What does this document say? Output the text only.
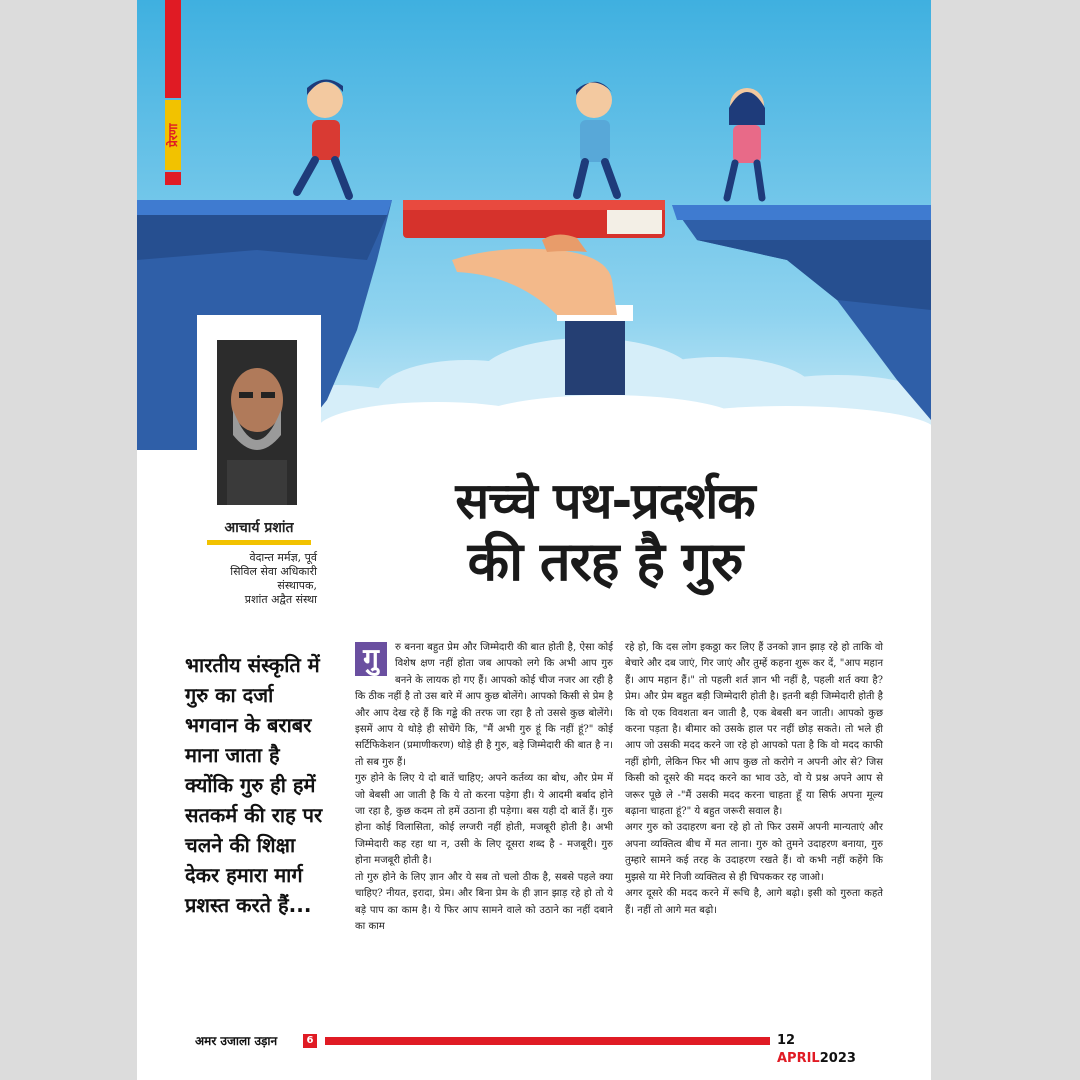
प्रेरणा
आचार्य प्रशांत
वेदान्त मर्मज्ञ, पूर्व
सिविल सेवा अधिकारी
संस्थापक,
प्रशांत अद्वैत संस्था
सच्चे पथ-प्रदर्शक
की तरह है गुरु
भारतीय संस्कृति में गुरु का दर्जा भगवान के बराबर माना जाता है क्योंकि गुरु ही हमें सतकर्म की राह पर चलने की शिक्षा देकर हमारा मार्ग प्रशस्त करते हैं...

गु	रु बनना बहुत प्रेम और जिम्मेदारी की बात होती है, ऐसा कोई विशेष क्षण नहीं होता जब आपको लगे कि अभी आप गुरु बनने के लायक हो गए हैं। आपको कोई चीज नजर आ रही है कि ठीक नहीं है तो उस बारे में आप कुछ बोलेंगे। आपको किसी से प्रेम है और आप देख रहे हैं कि गड्ढे की तरफ जा रहा है तो उससे कुछ बोलेंगे। इसमें आप ये थोड़े ही सोचेंगे कि, "मैं अभी गुरु हूं कि नहीं हूं?" कोई सर्टिफिकेशन (प्रमाणीकरण) थोड़े ही है गुरु, बड़े जिम्मेदारी की बात है न। तो सब गुरु हैं।

गुरु होने के लिए ये दो बातें चाहिए; अपने कर्तव्य का बोध, और प्रेम में जो बेबसी आ जाती है कि ये तो करना पड़ेगा ही। ये आदमी बर्बाद होने जा रहा है, कुछ कदम तो हमें उठाना ही पड़ेगा। बस यही दो बातें हैं। गुरु होना कोई विलासिता, कोई लग्जरी नहीं होती, मजबूरी होती है। अभी जिम्मेदारी कह रहा था न, उसी के लिए दूसरा शब्द है - मजबूरी। गुरु होना मजबूरी होती है।

तो गुरु होने के लिए ज्ञान और ये सब तो चलो ठीक है, सबसे पहले क्या चाहिए? नीयत, इरादा, प्रेम। और बिना प्रेम के ही ज्ञान झाड़ रहे हो तो ये बड़े पाप का काम है। ये फिर आप सामने वाले को उठाने का नहीं दबाने का काम

रहे हो, कि दस लोग इकठ्ठा कर लिए हैं उनको ज्ञान झाड़ रहे हो ताकि वो बेचारे और दब जाएं, गिर जाएं और तुम्हें कहना शुरू कर दें, "आप महान हैं। आप महान हैं।" तो पहली शर्त ज्ञान भी नहीं है, पहली शर्त क्या है? प्रेम। और प्रेम बहुत बड़ी जिम्मेदारी होती है। इतनी बड़ी जिम्मेदारी होती है कि वो एक विवशता बन जाती है, एक बेबसी बन जाती। आपको कुछ करना पड़ता है। बीमार को उसके हाल पर नहीं छोड़ सकते। तो भले ही आप जो उसकी मदद करने जा रहे हो आपको पता है कि वो मदद काफी नहीं होगी, लेकिन फिर भी आप कुछ तो करोगे न अपनी ओर से? जिस किसी को दूसरे की मदद करने का भाव उठे, वो ये प्रश्न अपने आप से जरूर पूछे ले -"मैं उसकी मदद करना चाहता हूँ या सिर्फ अपना मूल्य बढ़ाना चाहता हूं?" ये बहुत जरूरी सवाल है।

अगर गुरु को उदाहरण बना रहे हो तो फिर उसमें अपनी मान्यताएं और अपना व्यक्तित्व बीच में मत लाना। गुरु को तुमने उदाहरण बनाया, गुरु तुम्हारे सामने कई तरह के उदाहरण रखते हैं। वो कभी नहीं कहेंगे कि मुझसे या मेरे निजी व्यक्तित्व से ही चिपककर रह जाओ।

अगर दूसरे की मदद करने में रूचि है, आगे बढ़ो। इसी को गुरुता कहते हैं। नहीं तो आगे मत बढ़ो।

अमर उजाला उड़ान	6	12 APRIL2023
